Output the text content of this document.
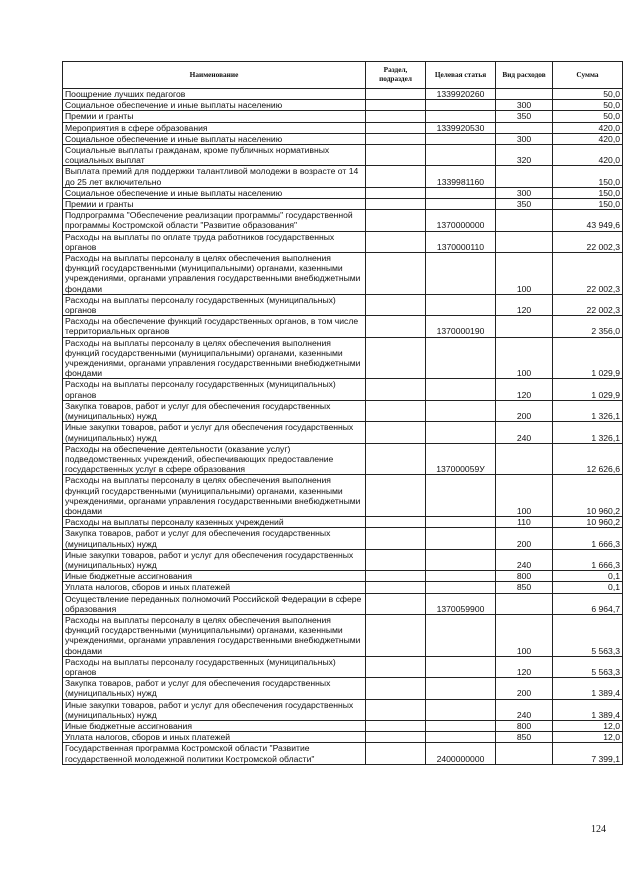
Наименование	Раздел, подраздел	Целевая статья	Вид расходов	Сумма
Поощрение лучших педагогов		1339920260		50,0
Социальное обеспечение и иные выплаты населению			300	50,0
Премии и гранты			350	50,0
Мероприятия в сфере образования		1339920530		420,0
Социальное обеспечение и иные выплаты населению			300	420,0
Социальные выплаты гражданам, кроме публичных нормативных социальных выплат			320	420,0
Выплата премий для поддержки талантливой молодежи в возрасте от 14 до 25 лет включительно		1339981160		150,0
Социальное обеспечение и иные выплаты населению			300	150,0
Премии и гранты			350	150,0
Подпрограмма "Обеспечение реализации программы" государственной программы Костромской области "Развитие образования"		1370000000		43 949,6
Расходы на выплаты по оплате труда работников государственных органов		1370000110		22 002,3
Расходы на выплаты персоналу в целях обеспечения выполнения функций государственными (муниципальными) органами, казенными учреждениями, органами управления государственными внебюджетными фондами			100	22 002,3
Расходы на выплаты персоналу государственных (муниципальных) органов			120	22 002,3
Расходы на обеспечение функций государственных органов, в том числе территориальных органов		1370000190		2 356,0
Расходы на выплаты персоналу в целях обеспечения выполнения функций государственными (муниципальными) органами, казенными учреждениями, органами управления государственными внебюджетными фондами			100	1 029,9
Расходы на выплаты персоналу государственных (муниципальных) органов			120	1 029,9
Закупка товаров, работ и услуг для обеспечения государственных (муниципальных) нужд			200	1 326,1
Иные закупки товаров, работ и услуг для обеспечения государственных (муниципальных) нужд			240	1 326,1
Расходы на обеспечение деятельности (оказание услуг) подведомственных учреждений, обеспечивающих предоставление государственных услуг в сфере образования		137000059У		12 626,6
Расходы на выплаты персоналу в целях обеспечения выполнения функций государственными (муниципальными) органами, казенными учреждениями, органами управления государственными внебюджетными фондами			100	10 960,2
Расходы на выплаты персоналу казенных учреждений			110	10 960,2
Закупка товаров, работ и услуг для обеспечения государственных (муниципальных) нужд			200	1 666,3
Иные закупки товаров, работ и услуг для обеспечения государственных (муниципальных) нужд			240	1 666,3
Иные бюджетные ассигнования			800	0,1
Уплата налогов, сборов и иных платежей			850	0,1
Осуществление переданных полномочий Российской Федерации в сфере образования		1370059900		6 964,7
Расходы на выплаты персоналу в целях обеспечения выполнения функций государственными (муниципальными) органами, казенными учреждениями, органами управления государственными внебюджетными фондами			100	5 563,3
Расходы на выплаты персоналу государственных (муниципальных) органов			120	5 563,3
Закупка товаров, работ и услуг для обеспечения государственных (муниципальных) нужд			200	1 389,4
Иные закупки товаров, работ и услуг для обеспечения государственных (муниципальных) нужд			240	1 389,4
Иные бюджетные ассигнования			800	12,0
Уплата налогов, сборов и иных платежей			850	12,0
Государственная программа Костромской области "Развитие государственной молодежной политики Костромской области"		2400000000		7 399,1
124
